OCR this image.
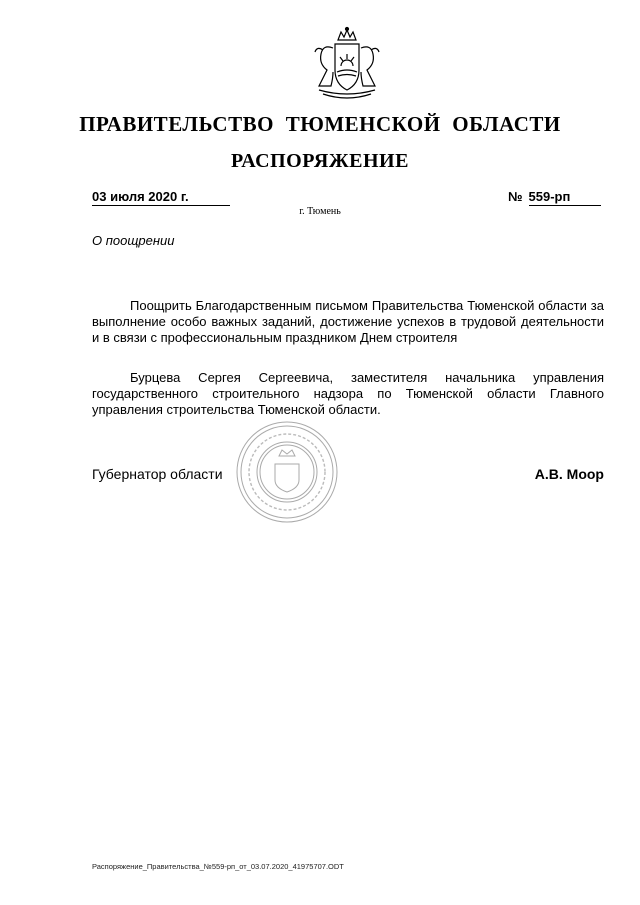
ПРАВИТЕЛЬСТВО ТЮМЕНСКОЙ ОБЛАСТИ
РАСПОРЯЖЕНИЕ
03 июля 2020 г.	№ 559-рп
г. Тюмень
О поощрении

Поощрить Благодарственным письмом Правительства Тюменской области за выполнение особо важных заданий, достижение успехов в трудовой деятельности и в связи с профессиональным праздником Днем строителя

Бурцева Сергея Сергеевича, заместителя начальника управления государственного строительного надзора по Тюменской области Главного управления строительства Тюменской области.

Губернатор области	А.В. Моор
Распоряжение_Правительства_№559-рп_от_03.07.2020_41975707.ODT
